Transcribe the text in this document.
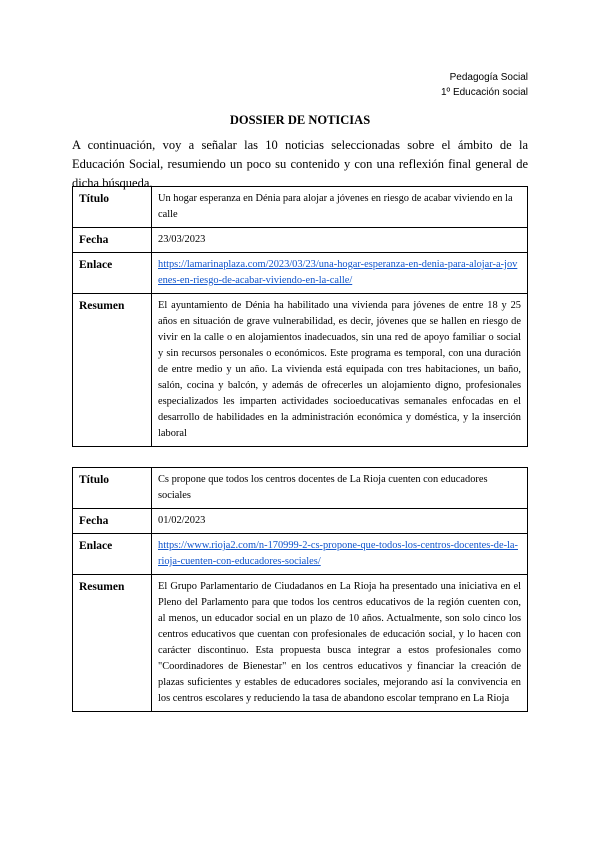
Pedagogía Social
1º Educación social
DOSSIER DE NOTICIAS
A continuación, voy a señalar las 10 noticias seleccionadas sobre el ámbito de la Educación Social, resumiendo un poco su contenido y con una reflexión final general de dicha búsqueda.
Título	Un hogar esperanza en Dénia para alojar a jóvenes en riesgo de acabar viviendo en la calle
Fecha	23/03/2023
Enlace	https://lamarinaplaza.com/2023/03/23/una-hogar-esperanza-en-denia-para-alojar-a-jovenes-en-riesgo-de-acabar-viviendo-en-la-calle/
Resumen	El ayuntamiento de Dénia ha habilitado una vivienda para jóvenes de entre 18 y 25 años en situación de grave vulnerabilidad, es decir, jóvenes que se hallen en riesgo de vivir en la calle o en alojamientos inadecuados, sin una red de apoyo familiar o social y sin recursos personales o económicos. Este programa es temporal, con una duración de entre medio y un año. La vivienda está equipada con tres habitaciones, un baño, salón, cocina y balcón, y además de ofrecerles un alojamiento digno, profesionales especializados les imparten actividades socioeducativas semanales enfocadas en el desarrollo de habilidades en la administración económica y doméstica, y la inserción laboral
Título	Cs propone que todos los centros docentes de La Rioja cuenten con educadores sociales
Fecha	01/02/2023
Enlace	https://www.rioja2.com/n-170999-2-cs-propone-que-todos-los-centros-docentes-de-la-rioja-cuenten-con-educadores-sociales/
Resumen	El Grupo Parlamentario de Ciudadanos en La Rioja ha presentado una iniciativa en el Pleno del Parlamento para que todos los centros educativos de la región cuenten con, al menos, un educador social en un plazo de 10 años. Actualmente, son solo cinco los centros educativos que cuentan con profesionales de educación social, y lo hacen con carácter discontinuo. Esta propuesta busca integrar a estos profesionales como "Coordinadores de Bienestar" en los centros educativos y financiar la creación de plazas suficientes y estables de educadores sociales, mejorando así la convivencia en los centros escolares y reduciendo la tasa de abandono escolar temprano en La Rioja
